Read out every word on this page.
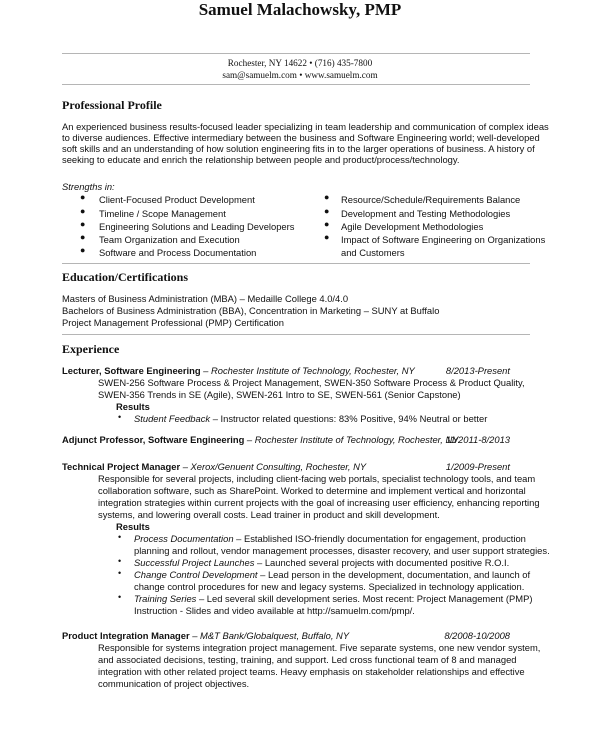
Samuel Malachowsky, PMP
Rochester, NY 14622 • (716) 435-7800
sam@samuelm.com • www.samuelm.com
Professional Profile
An experienced business results-focused leader specializing in team leadership and communication of complex ideas
to diverse audiences. Effective intermediary between the business and Software Engineering world; well-developed
soft skills and an understanding of how solution engineering fits in to the larger operations of business. A history of
seeking to educate and enrich the relationship between people and product/process/technology.
Strengths in:
● Client-Focused Product Development
● Timeline / Scope Management
● Engineering Solutions and Leading Developers
● Team Organization and Execution
● Software and Process Documentation
● Resource/Schedule/Requirements Balance
● Development and Testing Methodologies
● Agile Development Methodologies
● Impact of Software Engineering on Organizations
and Customers
Education/Certifications
Masters of Business Administration (MBA) – Medaille College 4.0/4.0
Bachelors of Business Administration (BBA), Concentration in Marketing – SUNY at Buffalo
Project Management Professional (PMP) Certification
Experience
Lecturer, Software Engineering – Rochester Institute of Technology, Rochester, NY	8/2013-Present
SWEN-256 Software Process & Project Management, SWEN-350 Software Process & Product Quality,
SWEN-356 Trends in SE (Agile), SWEN-261 Intro to SE, SWEN-561 (Senior Capstone)
Results
• Student Feedback – Instructor related questions: 83% Positive, 94% Neutral or better
Adjunct Professor, Software Engineering – Rochester Institute of Technology, Rochester, NY
11/2011-8/2013
Technical Project Manager – Xerox/Genuent Consulting, Rochester, NY	1/2009-Present
Responsible for several projects, including client-facing web portals, specialist technology tools, and team
collaboration software, such as SharePoint. Worked to determine and implement vertical and horizontal
integration strategies within current projects with the goal of increasing user efficiency, enhancing reporting
systems, and lowering overall costs. Lead trainer in product and skill development.
Results
• Process Documentation – Established ISO-friendly documentation for engagement, production
planning and rollout, vendor management processes, disaster recovery, and user support strategies.
• Successful Project Launches – Launched several projects with documented positive R.O.I.
• Change Control Development – Lead person in the development, documentation, and launch of
change control procedures for new and legacy systems. Specialized in technology application.
• Training Series – Led several skill development series. Most recent: Project Management (PMP)
Instruction - Slides and video available at http://samuelm.com/pmp/.
Product Integration Manager – M&T Bank/Globalquest, Buffalo, NY	8/2008-10/2008
Responsible for systems integration project management. Five separate systems, one new vendor system,
and associated decisions, testing, training, and support. Led cross functional team of 8 and managed
integration with other related project teams. Heavy emphasis on stakeholder relationships and effective
communication of project objectives.
